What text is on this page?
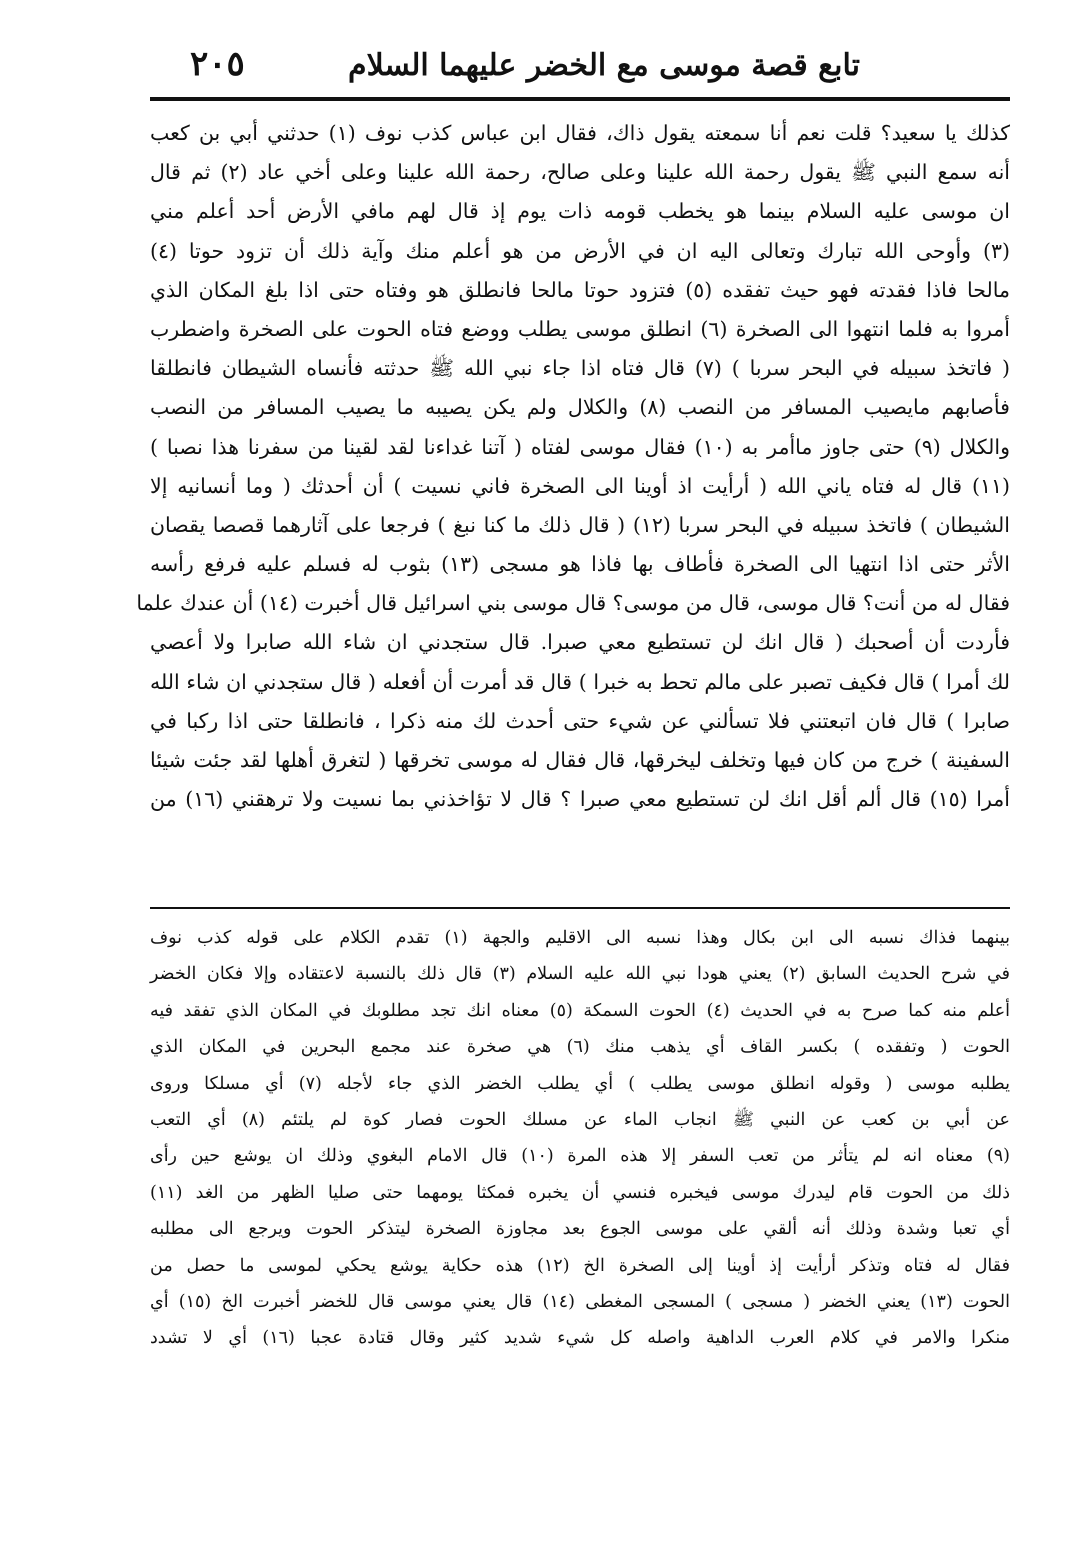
تابع قصة موسى مع الخضر عليهما السلام
٢٠٥
كذلك يا سعيد؟ قلت نعم أنا سمعته يقول ذاك، فقال ابن عباس كذب نوف (١) حدثني أبي بن كعب
أنه سمع النبي ﷺ يقول رحمة الله علينا وعلى صالح، رحمة الله علينا وعلى أخي عاد (٢) ثم قال
ان موسى عليه السلام بينما هو يخطب قومه ذات يوم إذ قال لهم مافي الأرض أحد أعلم مني
(٣) وأوحى الله تبارك وتعالى اليه ان في الأرض من هو أعلم منك وآية ذلك أن تزود حوتا (٤)
مالحا فاذا فقدته فهو حيث تفقده (٥) فتزود حوتا مالحا فانطلق هو وفتاه حتى اذا بلغ المكان الذي
أمروا به فلما انتهوا الى الصخرة (٦) انطلق موسى يطلب ووضع فتاه الحوت على الصخرة واضطرب
( فاتخذ سبيله في البحر سربا ) (٧) قال فتاه اذا جاء نبي الله ﷺ حدثته فأنساه الشيطان فانطلقا
فأصابهم مايصيب المسافر من النصب (٨) والكلال ولم يكن يصيبه ما يصيب المسافر من النصب
والكلال (٩) حتى جاوز ماأمر به (١٠) فقال موسى لفتاه ( آتنا غداءنا لقد لقينا من سفرنا هذا نصبا )
(١١) قال له فتاه ياني الله ( أرأيت اذ أوينا الى الصخرة فاني نسيت ) أن أحدثك ( وما أنسانيه إلا
الشيطان ) فاتخذ سبيله في البحر سربا (١٢) ( قال ذلك ما كنا نبغ ) فرجعا على آثارهما قصصا يقصان
الأثر حتى اذا انتهيا الى الصخرة فأطاف بها فاذا هو مسجى (١٣) بثوب له فسلم عليه فرفع رأسه
فقال له من أنت؟ قال موسى، قال من موسى؟ قال موسى بني اسرائيل قال أخبرت (١٤) أن عندك علما
فأردت أن أصحبك ( قال انك لن تستطيع معي صبرا. قال ستجدني ان شاء الله صابرا ولا أعصي
لك أمرا ) قال فكيف تصبر على مالم تحط به خبرا ) قال قد أمرت أن أفعله ( قال ستجدني ان شاء الله
صابرا ) قال فان اتبعتني فلا تسألني عن شيء حتى أحدث لك منه ذكرا ، فانطلقا حتى اذا ركبا في
السفينة ) خرج من كان فيها وتخلف ليخرقها، قال فقال له موسى تخرقها ( لتغرق أهلها لقد جئت شيئا
أمرا (١٥) قال ألم أقل انك لن تستطيع معي صبرا ؟ قال لا تؤاخذني بما نسيت ولا ترهقني (١٦) من
بينهما فذاك نسبه الى ابن بكال وهذا نسبه الى الاقليم والجهة (١) تقدم الكلام على قوله كذب نوف
في شرح الحديث السابق (٢) يعني هودا نبي الله عليه السلام (٣) قال ذلك بالنسبة لاعتقاده وإلا فكان الخضر
أعلم منه كما صرح به في الحديث (٤) الحوت السمكة (٥) معناه انك تجد مطلوبك في المكان الذي تفقد فيه
الحوت ( وتفقده ) بكسر القاف أي يذهب منك (٦) هي صخرة عند مجمع البحرين في المكان الذي
يطلبه موسى ( وقوله انطلق موسى يطلب ) أي يطلب الخضر الذي جاء لأجله (٧) أي مسلكا وروى
عن أبي بن كعب عن النبي ﷺ انجاب الماء عن مسلك الحوت فصار كوة لم يلتئم (٨) أي التعب
(٩) معناه انه لم يتأثر من تعب السفر إلا هذه المرة (١٠) قال الامام البغوي وذلك ان يوشع حين رأى
ذلك من الحوت قام ليدرك موسى فيخبره فنسي أن يخبره فمكثا يومهما حتى صليا الظهر من الغد (١١)
أي تعبا وشدة وذلك أنه ألقي على موسى الجوع بعد مجاوزة الصخرة ليتذكر الحوت ويرجع الى مطلبه
فقال له فتاه وتذكر أرأيت إذ أوينا إلى الصخرة الخ (١٢) هذه حكاية يوشع يحكي لموسى ما حصل من
الحوت (١٣) يعني الخضر ( مسجى ) المسجى المغطى (١٤) قال يعني موسى قال للخضر أخبرت الخ (١٥) أي
منكرا والامر في كلام العرب الداهية واصله كل شيء شديد كثير وقال قتادة عجبا (١٦) أي لا تشدد
